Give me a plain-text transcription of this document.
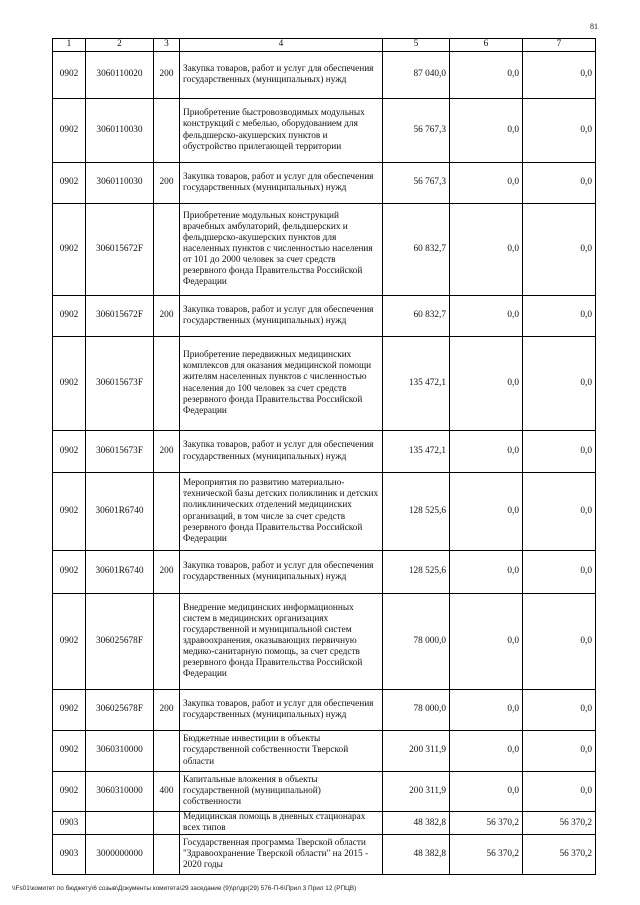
81
1	2	3	4	5	6	7
0902	3060110020	200	Закупка товаров, работ и услуг для обеспечения государственных (муниципальных) нужд	87 040,0	0,0	0,0
0902	3060110030		Приобретение быстровозводимых модульных конструкций с мебелью, оборудованием для фельдшерско-акушерских пунктов и обустройство прилегающей территории	56 767,3	0,0	0,0
0902	3060110030	200	Закупка товаров, работ и услуг для обеспечения государственных (муниципальных) нужд	56 767,3	0,0	0,0
0902	306015672F		Приобретение модульных конструкций врачебных амбулаторий, фельдшерских и фельдшерско-акушерских пунктов для населенных пунктов с численностью населения от 101 до 2000 человек за счет средств резервного фонда Правительства Российской Федерации	60 832,7	0,0	0,0
0902	306015672F	200	Закупка товаров, работ и услуг для обеспечения государственных (муниципальных) нужд	60 832,7	0,0	0,0
0902	306015673F		Приобретение передвижных медицинских комплексов для оказания медицинской помощи жителям населенных пунктов с численностью населения до 100 человек за счет средств резервного фонда Правительства Российской Федерации	135 472,1	0,0	0,0
0902	306015673F	200	Закупка товаров, работ и услуг для обеспечения государственных (муниципальных) нужд	135 472,1	0,0	0,0
0902	30601R6740		Мероприятия по развитию материально-технической базы детских поликлиник и детских поликлинических отделений медицинских организаций, в том числе за счет средств резервного фонда Правительства Российской Федерации	128 525,6	0,0	0,0
0902	30601R6740	200	Закупка товаров, работ и услуг для обеспечения государственных (муниципальных) нужд	128 525,6	0,0	0,0
0902	306025678F		Внедрение медицинских информационных систем в медицинских организациях государственной и муниципальной систем здравоохранения, оказывающих первичную медико-санитарную помощь, за счет средств резервного фонда Правительства Российской Федерации	78 000,0	0,0	0,0
0902	306025678F	200	Закупка товаров, работ и услуг для обеспечения государственных (муниципальных) нужд	78 000,0	0,0	0,0
0902	3060310000		Бюджетные инвестиции в объекты государственной собственности Тверской области	200 311,9	0,0	0,0
0902	3060310000	400	Капитальные вложения в объекты государственной (муниципальной) собственности	200 311,9	0,0	0,0
0903			Медицинская помощь в дневных стационарах всех типов	48 382,8	56 370,2	56 370,2
0903	3000000000		Государственная программа Тверской области "Здравоохранение Тверской области" на 2015 - 2020 годы	48 382,8	56 370,2	56 370,2
\\Fs01\комитет по бюджету\6 созыв\Документы комитета\29 заседание (9)\pr\др(29) 576-П-6\Прил 3 Прил 12 (РПЦВ)
